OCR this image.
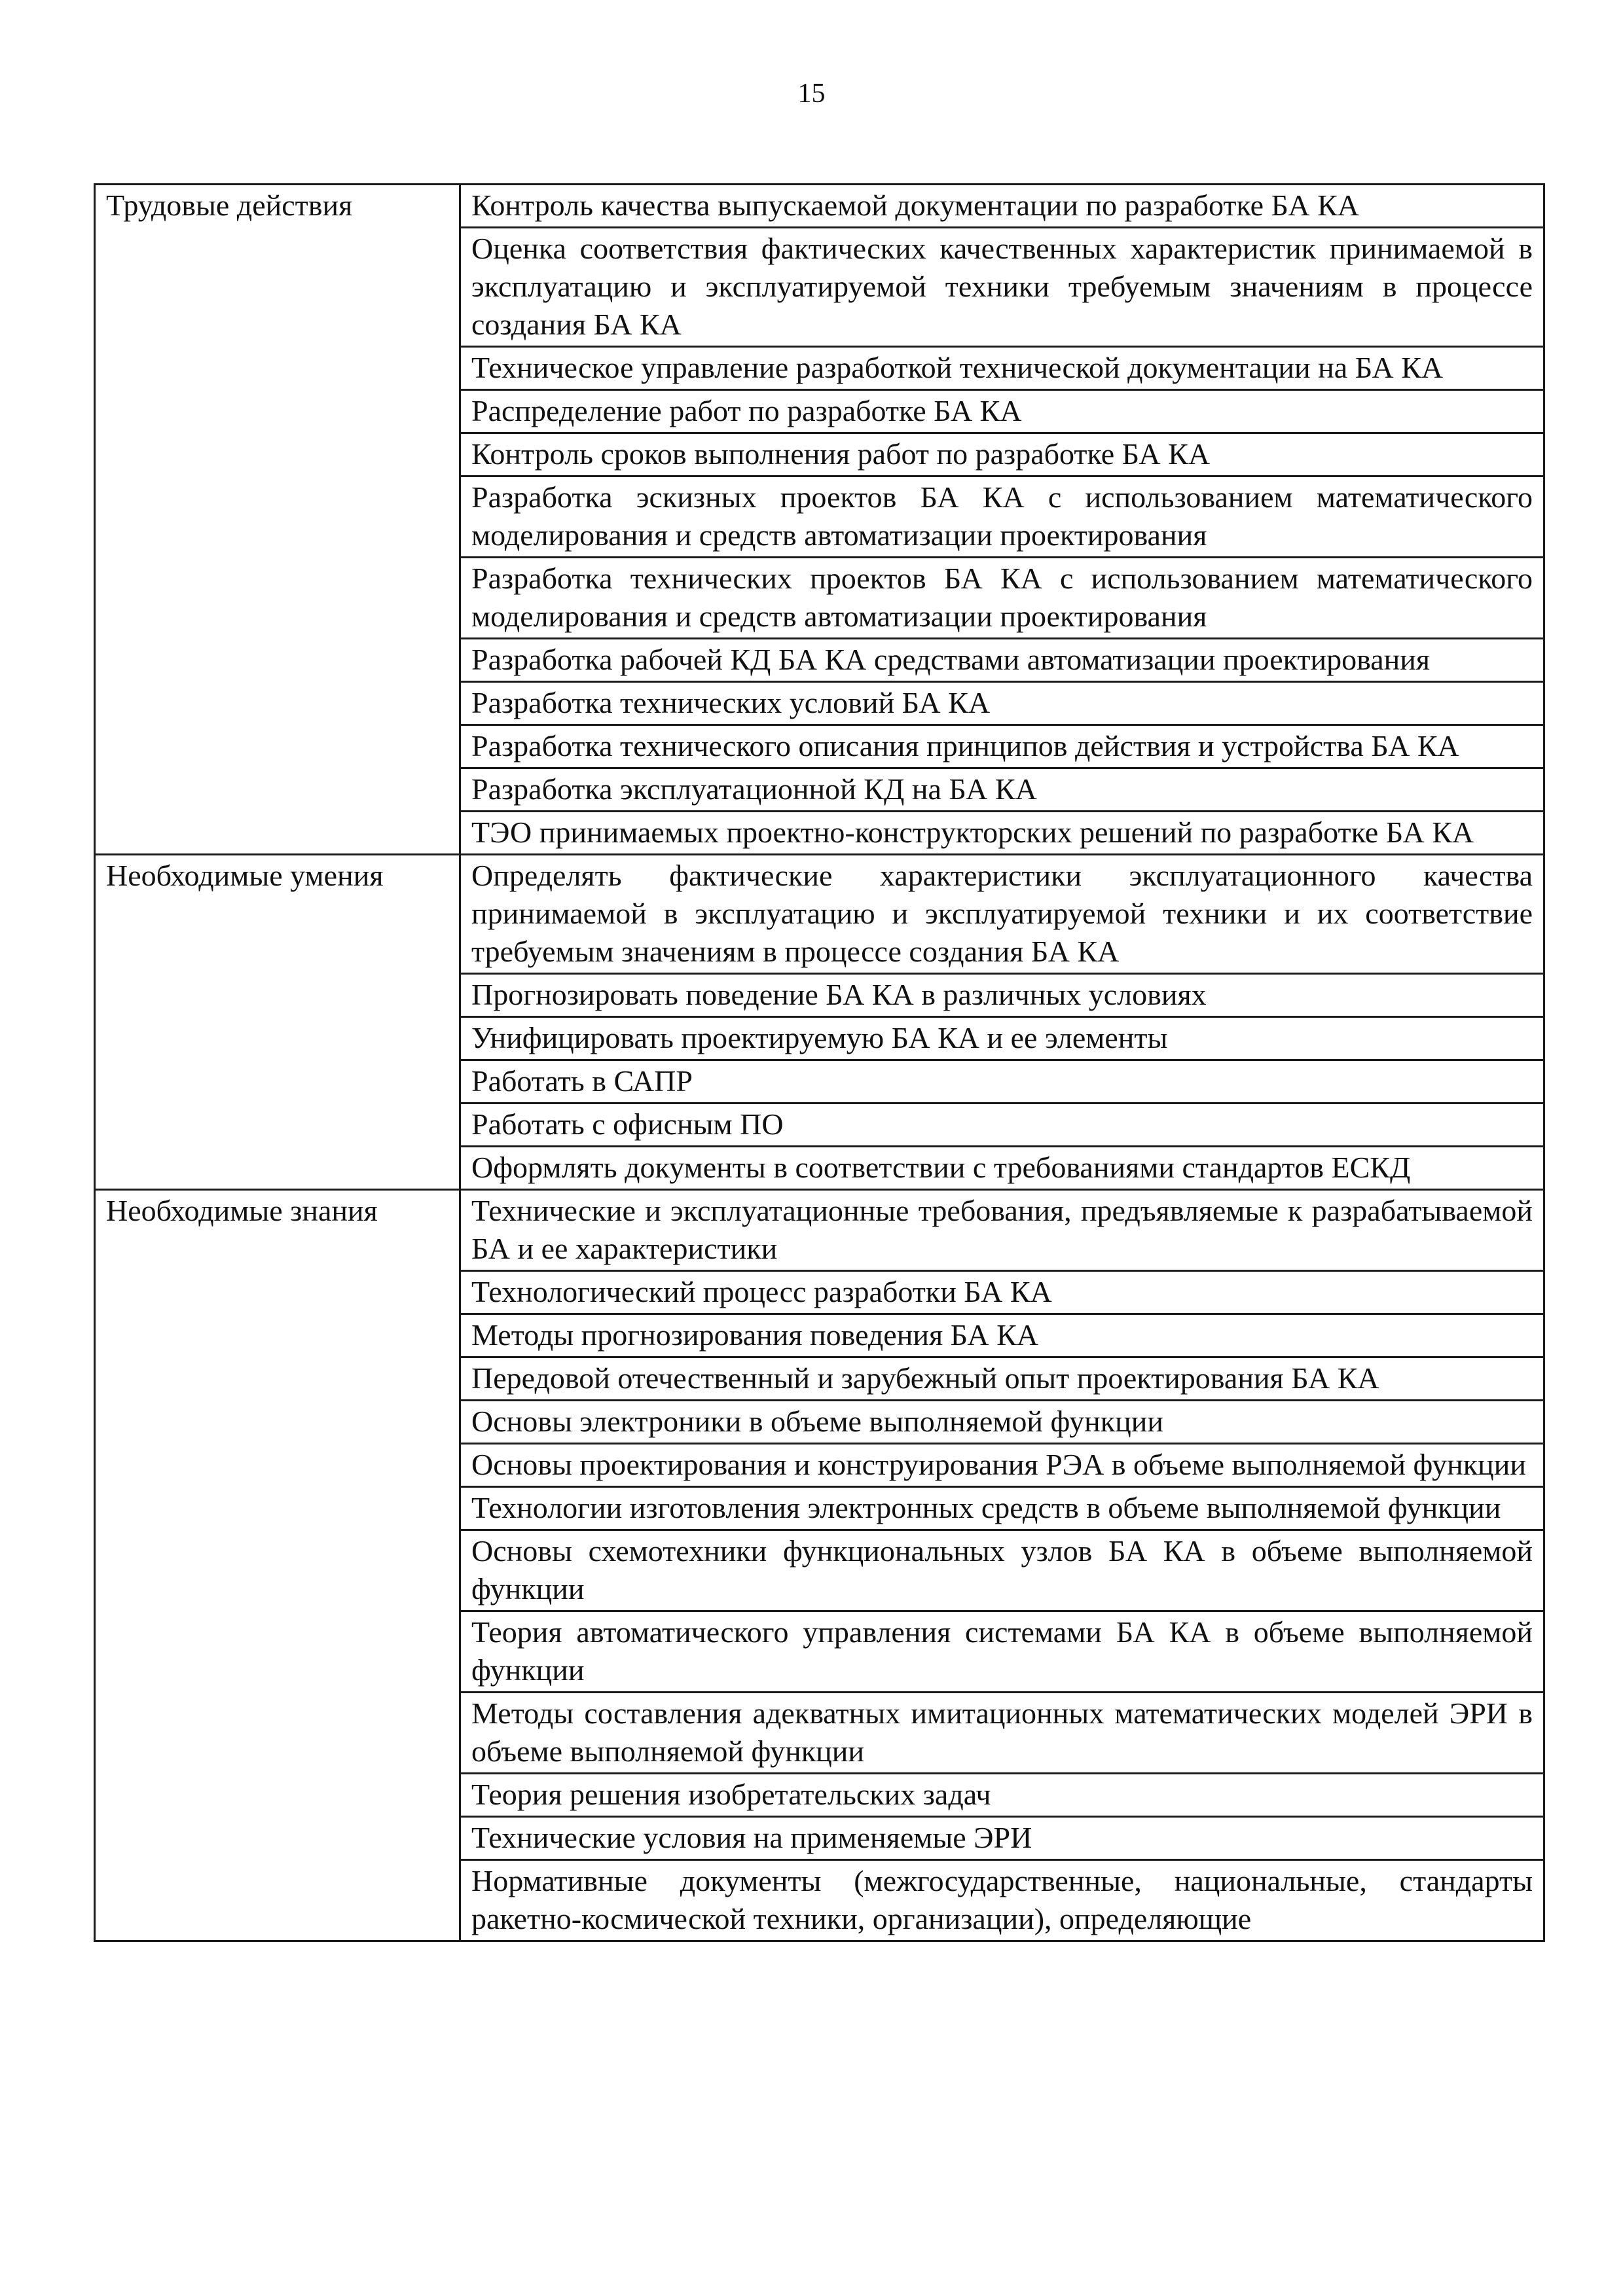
15
Трудовые действия	Контроль качества выпускаемой документации по разработке БА КА
	Оценка соответствия фактических качественных характеристик принимаемой в эксплуатацию и эксплуатируемой техники требуемым значениям в процессе создания БА КА
	Техническое управление разработкой технической документации на БА КА
	Распределение работ по разработке БА КА
	Контроль сроков выполнения работ по разработке БА КА
	Разработка эскизных проектов БА КА с использованием математического моделирования и средств автоматизации проектирования
	Разработка технических проектов БА КА с использованием математического моделирования и средств автоматизации проектирования
	Разработка рабочей КД БА КА средствами автоматизации проектирования
	Разработка технических условий БА КА
	Разработка технического описания принципов действия и устройства БА КА
	Разработка эксплуатационной КД на БА КА
	ТЭО принимаемых проектно-конструкторских решений по разработке БА КА
Необходимые умения	Определять фактические характеристики эксплуатационного качества принимаемой в эксплуатацию и эксплуатируемой техники и их соответствие требуемым значениям в процессе создания БА КА
	Прогнозировать поведение БА КА в различных условиях
	Унифицировать проектируемую БА КА и ее элементы
	Работать в САПР
	Работать с офисным ПО
	Оформлять документы в соответствии с требованиями стандартов ЕСКД
Необходимые знания	Технические и эксплуатационные требования, предъявляемые к разрабатываемой БА и ее характеристики
	Технологический процесс разработки БА КА
	Методы прогнозирования поведения БА КА
	Передовой отечественный и зарубежный опыт проектирования БА КА
	Основы электроники в объеме выполняемой функции
	Основы проектирования и конструирования РЭА в объеме выполняемой функции
	Технологии изготовления электронных средств в объеме выполняемой функции
	Основы схемотехники функциональных узлов БА КА в объеме выполняемой функции
	Теория автоматического управления системами БА КА в объеме выполняемой функции
	Методы составления адекватных имитационных математических моделей ЭРИ в объеме выполняемой функции
	Теория решения изобретательских задач
	Технические условия на применяемые ЭРИ
	Нормативные документы (межгосударственные, национальные, стандарты ракетно-космической техники, организации), определяющие
